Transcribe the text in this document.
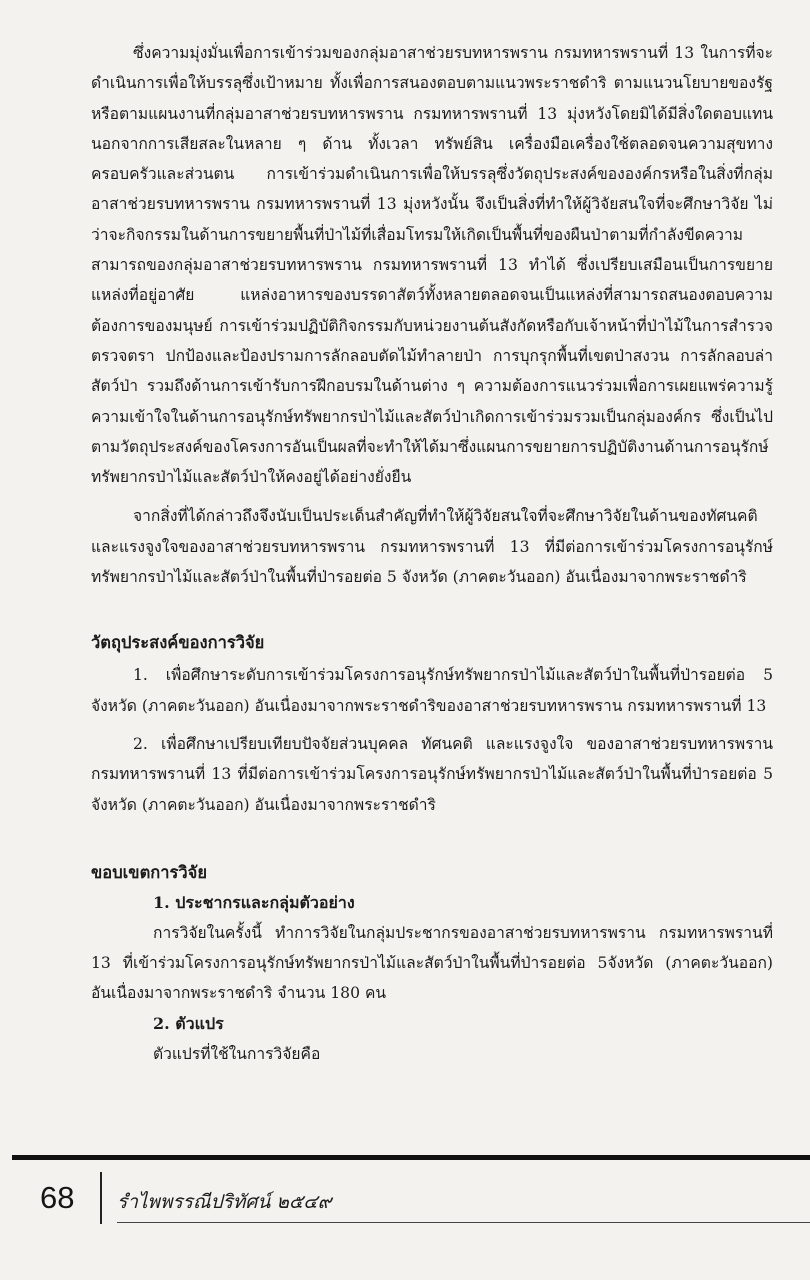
ซึ่งความมุ่งมั่นเพื่อการเข้าร่วมของกลุ่มอาสาช่วยรบทหารพราน กรมทหารพรานที่ 13 ในการที่จะดำเนินการเพื่อให้บรรลุซึ่งเป้าหมาย ทั้งเพื่อการสนองตอบตามแนวพระราชดำริ ตามแนวนโยบายของรัฐ หรือตามแผนงานที่กลุ่มอาสาช่วยรบทหารพราน กรมทหารพรานที่ 13 มุ่งหวังโดยมิได้มีสิ่งใดตอบแทนนอกจากการเสียสละในหลาย ๆ ด้าน ทั้งเวลา ทรัพย์สิน เครื่องมือเครื่องใช้ตลอดจนความสุขทางครอบครัวและส่วนตน การเข้าร่วมดำเนินการเพื่อให้บรรลุซึ่งวัตถุประสงค์ขององค์กรหรือในสิ่งที่กลุ่มอาสาช่วยรบทหารพราน กรมทหารพรานที่ 13 มุ่งหวังนั้น จึงเป็นสิ่งที่ทำให้ผู้วิจัยสนใจที่จะศึกษาวิจัย ไม่ว่าจะกิจกรรมในด้านการขยายพื้นที่ป่าไม้ที่เสื่อมโทรมให้เกิดเป็นพื้นที่ของผืนป่าตามที่กำลังขีดความสามารถของกลุ่มอาสาช่วยรบทหารพราน กรมทหารพรานที่ 13 ทำได้ ซึ่งเปรียบเสมือนเป็นการขยายแหล่งที่อยู่อาศัย แหล่งอาหารของบรรดาสัตว์ทั้งหลายตลอดจนเป็นแหล่งที่สามารถสนองตอบความต้องการของมนุษย์ การเข้าร่วมปฏิบัติกิจกรรมกับหน่วยงานต้นสังกัดหรือกับเจ้าหน้าที่ป่าไม้ในการสำรวจตรวจตรา ปกป้องและป้องปรามการลักลอบตัดไม้ทำลายป่า การบุกรุกพื้นที่เขตป่าสงวน การลักลอบล่าสัตว์ป่า รวมถึงด้านการเข้ารับการฝึกอบรมในด้านต่าง ๆ ความต้องการแนวร่วมเพื่อการเผยแพร่ความรู้ความเข้าใจในด้านการอนุรักษ์ทรัพยากรป่าไม้และสัตว์ป่าเกิดการเข้าร่วมรวมเป็นกลุ่มองค์กร ซึ่งเป็นไปตามวัตถุประสงค์ของโครงการอันเป็นผลที่จะทำให้ได้มาซึ่งแผนการขยายการปฏิบัติงานด้านการอนุรักษ์ทรัพยากรป่าไม้และสัตว์ป่าให้คงอยู่ได้อย่างยั่งยืน

จากสิ่งที่ได้กล่าวถึงจึงนับเป็นประเด็นสำคัญที่ทำให้ผู้วิจัยสนใจที่จะศึกษาวิจัยในด้านของทัศนคติและแรงจูงใจของอาสาช่วยรบทหารพราน กรมทหารพรานที่ 13 ที่มีต่อการเข้าร่วมโครงการอนุรักษ์ทรัพยากรป่าไม้และสัตว์ป่าในพื้นที่ป่ารอยต่อ 5 จังหวัด (ภาคตะวันออก) อันเนื่องมาจากพระราชดำริ

วัตถุประสงค์ของการวิจัย

1. เพื่อศึกษาระดับการเข้าร่วมโครงการอนุรักษ์ทรัพยากรป่าไม้และสัตว์ป่าในพื้นที่ป่ารอยต่อ 5 จังหวัด (ภาคตะวันออก) อันเนื่องมาจากพระราชดำริของอาสาช่วยรบทหารพราน กรมทหารพรานที่ 13

2. เพื่อศึกษาเปรียบเทียบปัจจัยส่วนบุคคล ทัศนคติ และแรงจูงใจ ของอาสาช่วยรบทหารพราน กรมทหารพรานที่ 13 ที่มีต่อการเข้าร่วมโครงการอนุรักษ์ทรัพยากรป่าไม้และสัตว์ป่าในพื้นที่ป่ารอยต่อ 5 จังหวัด (ภาคตะวันออก) อันเนื่องมาจากพระราชดำริ

ขอบเขตการวิจัย
1. ประชากรและกลุ่มตัวอย่าง

การวิจัยในครั้งนี้ ทำการวิจัยในกลุ่มประชากรของอาสาช่วยรบทหารพราน กรมทหารพรานที่ 13 ที่เข้าร่วมโครงการอนุรักษ์ทรัพยากรป่าไม้และสัตว์ป่าในพื้นที่ป่ารอยต่อ 5จังหวัด (ภาคตะวันออก) อันเนื่องมาจากพระราชดำริ จำนวน 180 คน

2. ตัวแปร

ตัวแปรที่ใช้ในการวิจัยคือ

68 รำไพพรรณีปริทัศน์ ๒๕๔๙
